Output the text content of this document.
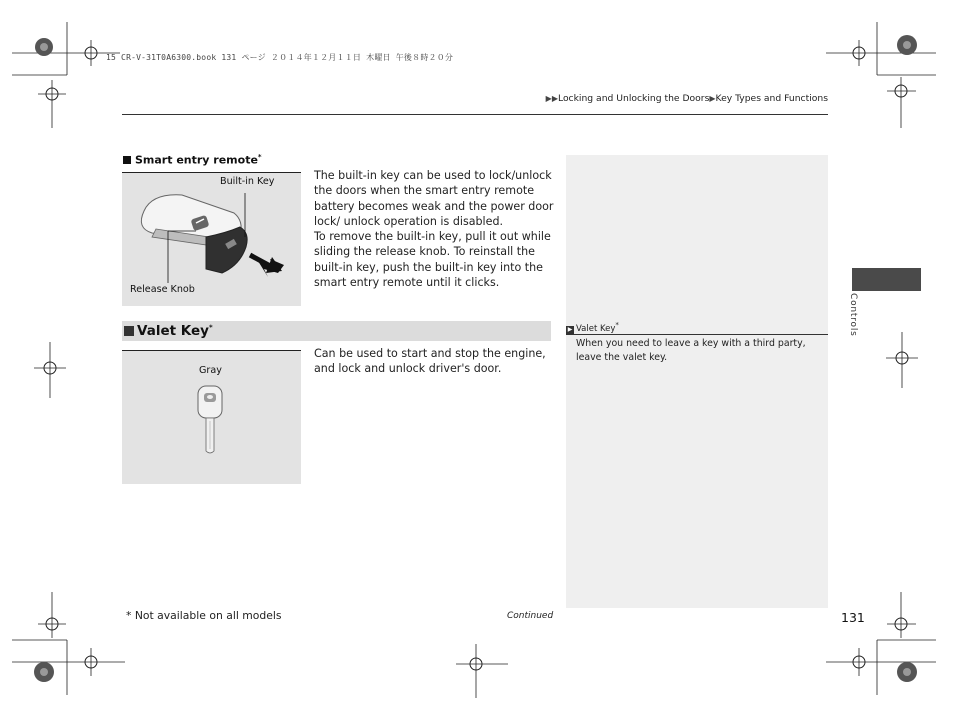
15 CR-V-31T0A6300.book 131 ページ ２０１４年１２月１１日 木曜日 午後８時２０分
▶▶Locking and Unlocking the Doors▶Key Types and Functions
Controls
Smart entry remote*
Built-in Key
Release Knob
The built-in key can be used to lock/unlock the doors when the smart entry remote battery becomes weak and the power door lock/ unlock operation is disabled.
To remove the built-in key, pull it out while sliding the release knob. To reinstall the built-in key, push the built-in key into the smart entry remote until it clicks.
Valet Key*
Gray
Can be used to start and stop the engine, and lock and unlock driver's door.
▶ Valet Key*
When you need to leave a key with a third party, leave the valet key.
* Not available on all models	Continued	131
